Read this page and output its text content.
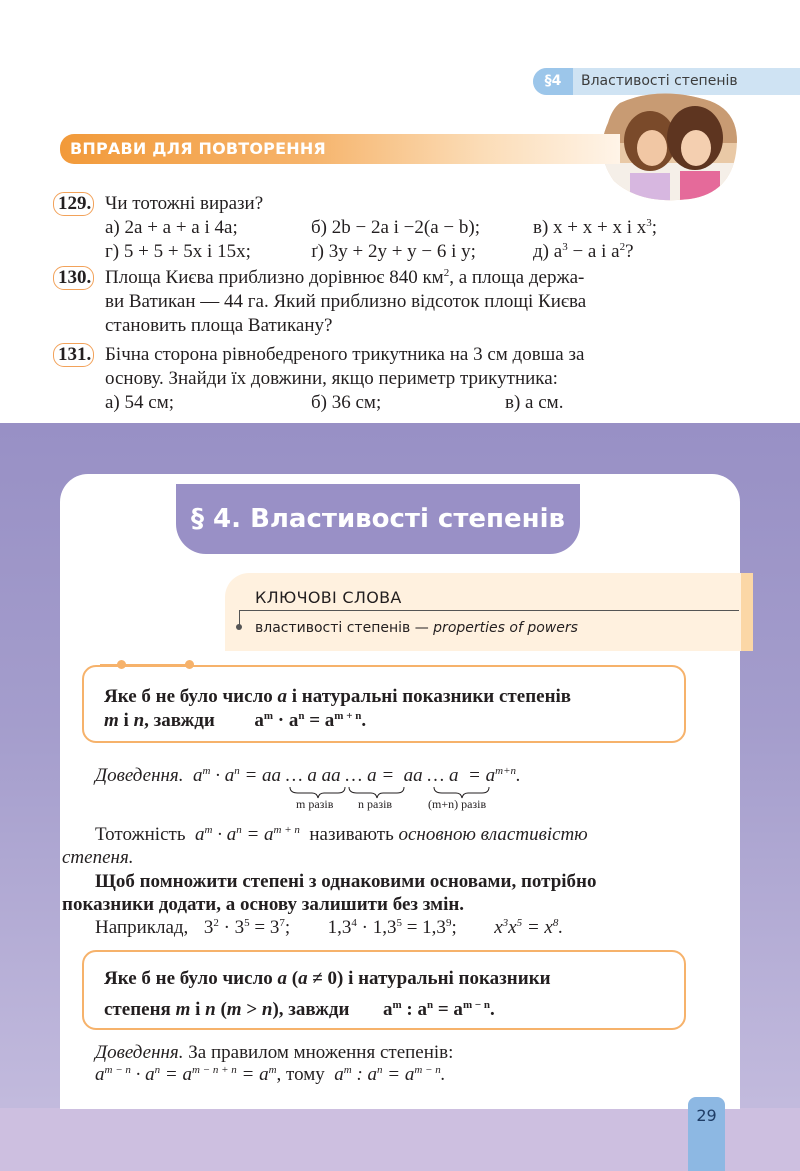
§4	Властивості степенів
ВПРАВИ ДЛЯ ПОВТОРЕННЯ
129. Чи тотожні вирази?
а) 2a + a + a і 4a;	б) 2b − 2a і −2(a − b);	в) x + x + x і $x^3$;
г) 5 + 5 + 5x і 15x;	ґ) 3y + 2y + y − 6 і y;	д) $a^3 - a$ і $a^2$?
130. Площа Києва приблизно дорівнює 840 $км^2$, а площа держа-
ви Ватикан — 44 га. Який приблизно відсоток площі Києва
становить площа Ватикану?
131. Бічна сторона рівнобедреного трикутника на 3 см довша за
основу. Знайди їх довжини, якщо периметр трикутника:
а) 54 см;	б) 36 см;	в) a см.
§ 4. Властивості степенів
КЛЮЧОВІ СЛОВА
властивості степенів — properties of powers
Яке б не було число a і натуральні показники степенів
m і n, завжди $a^m \cdot a^n = a^{m + n}$.
Доведення.  $a^m \cdot a^n$ = aa … a aa … a =  aa … $a = a^{m+n}$.
m разів n разів	(m+n) разів
Тотожність  $a^m \cdot a^n = a^{m + n}$ називають основною властивістю
степеня.
Щоб помножити степені з однаковими основами, потрібно
показники додати, а основу залишити без змін.
Наприклад, $3^2 \cdot 3^5 = 3^7$; $1,3^4 \cdot 1,3^5 = 1,3^9$; $x^3x^5 = x^8$.
Яке б не було число a (a ≠ 0) і натуральні показники
степеня m і n (m > n), завжди $a^m$ : $a^n = a^{m - n}$.
Доведення. За правилом множення степенів:
$a^{m - n} \cdot a^n = a^{m - n + n} = a^m$, тому  $a^m$ : $a^n = a^{m - n}$.
29
